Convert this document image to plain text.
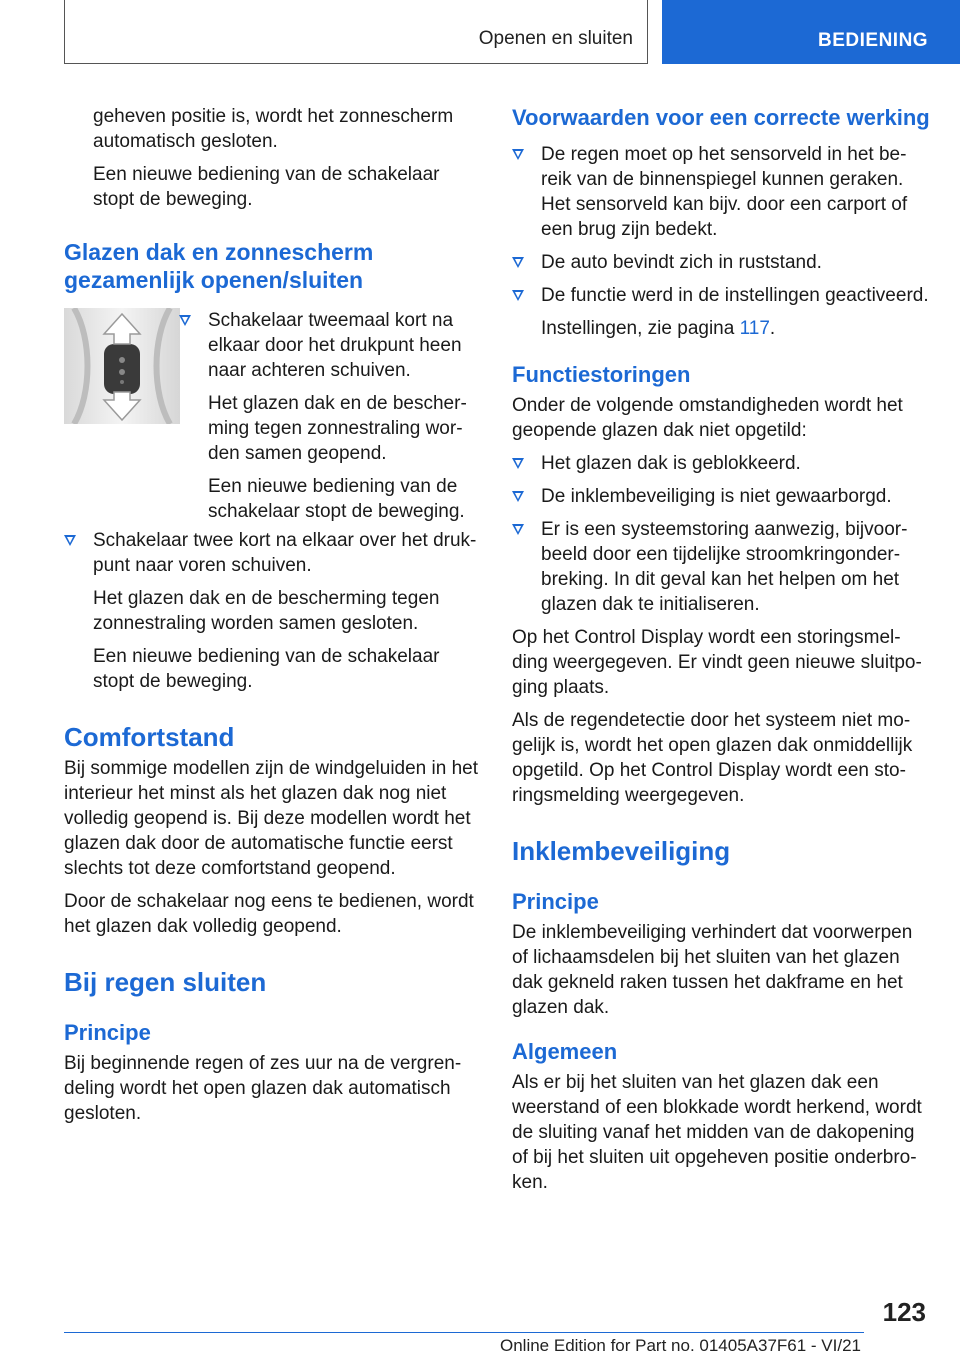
Openen en sluiten	BEDIENING

geheven positie is, wordt het zonnescherm automatisch gesloten.

Een nieuwe bediening van de schakelaar stopt de beweging.

Glazen dak en zonnescherm gezamenlijk openen/sluiten

Schakelaar tweemaal kort na elkaar door het drukpunt heen naar achteren schuiven.

Het glazen dak en de bescherming tegen zonnestraling worden samen geopend.

Een nieuwe bediening van de schakelaar stopt de beweging.

Schakelaar twee kort na elkaar over het drukpunt naar voren schuiven.

Het glazen dak en de bescherming tegen zonnestraling worden samen gesloten.

Een nieuwe bediening van de schakelaar stopt de beweging.

Comfortstand

Bij sommige modellen zijn de windgeluiden in het interieur het minst als het glazen dak nog niet volledig geopend is. Bij deze modellen wordt het glazen dak door de automatische functie eerst slechts tot deze comfortstand geopend.

Door de schakelaar nog eens te bedienen, wordt het glazen dak volledig geopend.

Bij regen sluiten
Principe

Bij beginnende regen of zes uur na de vergrendeling wordt het open glazen dak automatisch gesloten.

Voorwaarden voor een correcte werking

De regen moet op het sensorveld in het bereik van de binnenspiegel kunnen geraken. Het sensorveld kan bijv. door een carport of een brug zijn bedekt.

De auto bevindt zich in ruststand.

De functie werd in de instellingen geactiveerd.

Instellingen, zie pagina 117.

Functiestoringen

Onder de volgende omstandigheden wordt het geopende glazen dak niet opgetild:

Het glazen dak is geblokkeerd.

De inklembeveiliging is niet gewaarborgd.

Er is een systeemstoring aanwezig, bijvoorbeeld door een tijdelijke stroomkringonderbreking. In dit geval kan het helpen om het glazen dak te initialiseren.

Op het Control Display wordt een storingsmelding weergegeven. Er vindt geen nieuwe sluitpoging plaats.

Als de regendetectie door het systeem niet mogelijk is, wordt het open glazen dak onmiddellijk opgetild. Op het Control Display wordt een storingsmelding weergegeven.

Inklembeveiliging
Principe

De inklembeveiliging verhindert dat voorwerpen of lichaamsdelen bij het sluiten van het glazen dak gekneld raken tussen het dakframe en het glazen dak.

Algemeen

Als er bij het sluiten van het glazen dak een weerstand of een blokkade wordt herkend, wordt de sluiting vanaf het midden van de dakopening of bij het sluiten uit opgeheven positie onderbroken.

123
Online Edition for Part no. 01405A37F61 - VI/21
